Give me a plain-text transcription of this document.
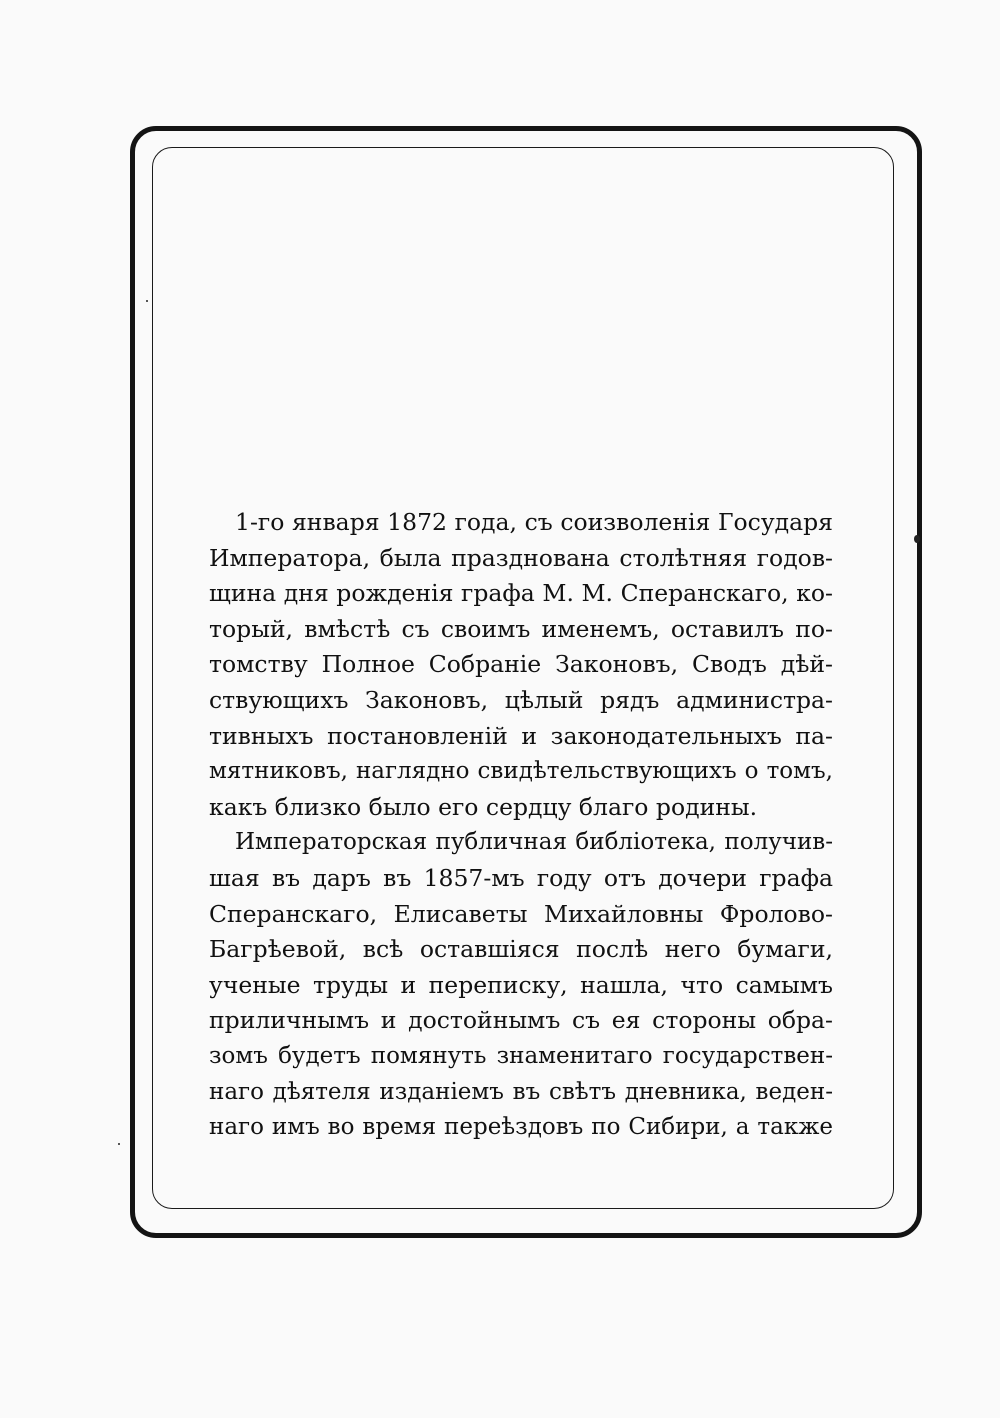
1-го января 1872 года, съ соизволенія Государя
Императора, была празднована столѣтняя годов-
щина дня рожденія графа М. М. Сперанскаго, ко-
торый, вмѣстѣ съ своимъ именемъ, оставилъ по-
томству Полное Собраніе Законовъ, Сводъ дѣй-
ствующихъ Законовъ, цѣлый рядъ администра-
тивныхъ постановленій и законодательныхъ па-
мятниковъ, наглядно свидѣтельствующихъ о томъ,
какъ близко было его сердцу благо родины.
Императорская публичная библіотека, получив-
шая въ даръ въ 1857-мъ году отъ дочери графа
Сперанскаго, Елисаветы Михайловны Фролово-
Багрѣевой, всѣ оставшіяся послѣ него бумаги,
ученые труды и переписку, нашла, что самымъ
приличнымъ и достойнымъ съ ея стороны обра-
зомъ будетъ помянуть знаменитаго государствен-
наго дѣятеля изданіемъ въ свѣтъ дневника, веден-
наго имъ во время переѣздовъ по Сибири, а также
